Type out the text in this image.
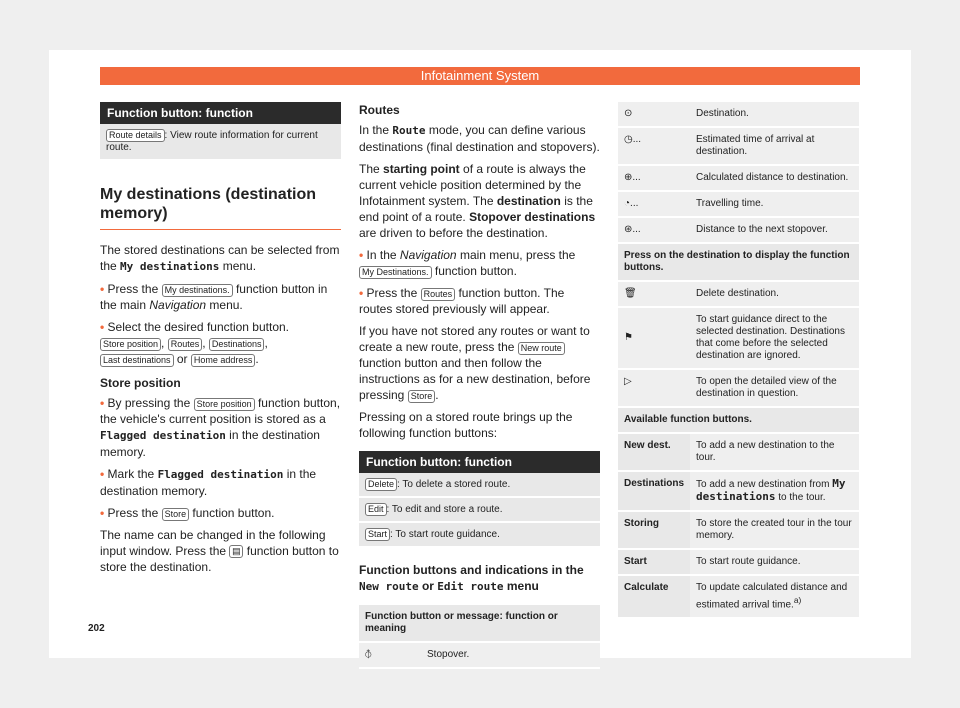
Infotainment System
Function button: function
Route details : View route information for current route.
My destinations (destination memory)

The stored destinations can be selected from the My destinations menu.

• Press the My destinations. function button in the main Navigation menu.

• Select the desired function button.
Store position , Routes , Destinations , Last destinations or Home address .

Store position

• By pressing the Store position function button, the vehicle's current position is stored as a Flagged destination in the destination memory.

• Mark the Flagged destination in the destination memory.

• Press the Store function button.

The name can be changed in the following input window. Press the ▤ function button to store the destination.

Routes

In the Route mode, you can define various destinations (final destination and stopovers).

The starting point of a route is always the current vehicle position determined by the Infotainment system. The destination is the end point of a route. Stopover destinations are driven to before the destination.

• In the Navigation main menu, press the My Destinations. function button.

• Press the Routes function button. The routes stored previously will appear.

If you have not stored any routes or want to create a new route, press the New route function button and then follow the instructions as for a new destination, before pressing Store .

Pressing on a stored route brings up the following function buttons:

Function button: function
Delete : To delete a stored route.
Edit : To edit and store a route.
Start : To start route guidance.
Function buttons and indications in the New route or Edit route menu
Function button or message: function or meaning
⦽	Stopover.
⊙	Destination.
◷...	Estimated time of arrival at destination.
⊕...	Calculated distance to destination.
◔...	Travelling time.
⊛...	Distance to the next stopover.
Press on the destination to display the function buttons.	
🗑	Delete destination.
⚑	To start guidance direct to the selected destination. Destinations that come before the selected destination are ignored.
▷	To open the detailed view of the destination in question.
Available function buttons.	
New dest.	To add a new destination to the tour.
Destinations	To add a new destination from My destinations to the tour.
Storing	To store the created tour in the tour memory.
Start	To start route guidance.
Calculate	To update calculated distance and estimated arrival time.$^{a)}$
202
